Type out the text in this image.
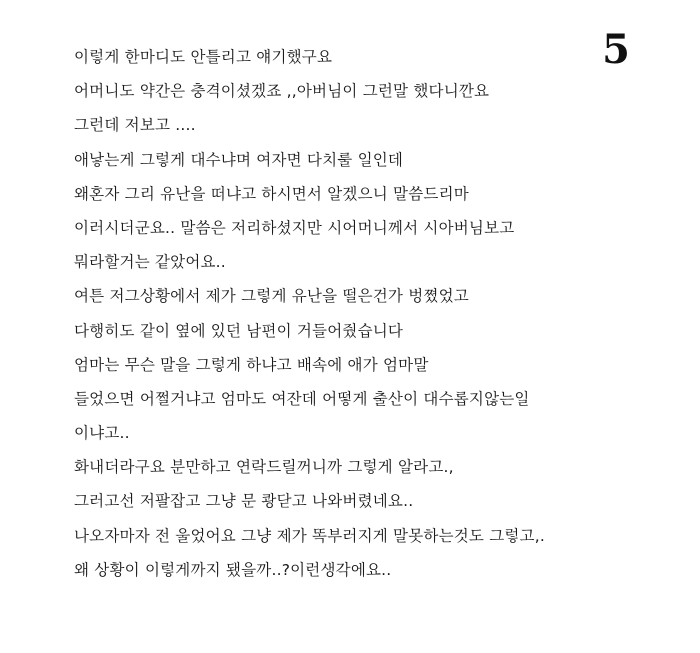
5
이렇게 한마디도 안틀리고 얘기했구요
어머니도 약간은 충격이셨겠죠 ,,아버님이 그런말 했다니깐요
그런데 저보고 ....
애낳는게 그렇게 대수냐며 여자면 다치룰 일인데
왜혼자 그리 유난을 떠냐고 하시면서 알겠으니 말씀드리마
이러시더군요.. 말씀은 저리하셨지만 시어머니께서 시아버님보고
뭐라할거는 같았어요..
여튼 저그상황에서 제가 그렇게 유난을 떨은건가 벙쪘었고
다행히도 같이 옆에 있던 남편이 거들어줬습니다
엄마는 무슨 말을 그렇게 하냐고 배속에 애가 엄마말
들었으면 어쩔거냐고 엄마도 여잔데 어떻게 출산이 대수롭지않는일
이냐고..
화내더라구요 분만하고 연락드릴꺼니까 그렇게 알라고.,
그러고선 저팔잡고 그냥 문 쾅닫고 나와버렸네요..
나오자마자 전 울었어요 그냥 제가 똑부러지게 말못하는것도 그렇고,.
왜 상황이 이렇게까지 됐을까..?이런생각에요..
